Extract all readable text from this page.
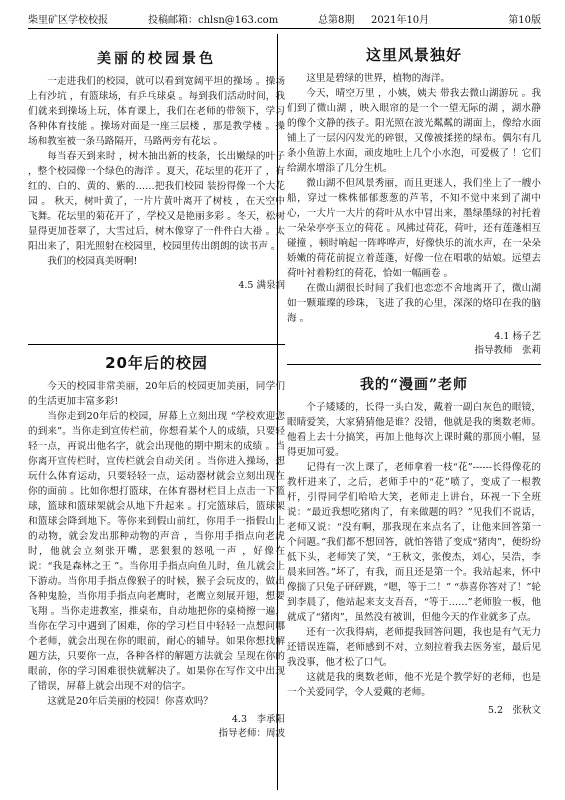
柴里矿区学校校报	投稿邮箱：chlsn@163.com	总第8期 2021年10月	第10版
美丽的校园景色

一走进我们的校园，就可以看到宽阔平坦的操场 。操场上有沙坑 ，有篮球场，有乒乓球桌 。每到我们活动时间，我们就来到操场上玩，体育课上，我们在老师的带领下，学习各种体育技能 。操场对面是一座三层楼 ，那是教学楼 。操场和教室被一条马路隔开，马路两旁有花坛 。

每当春天到来时 ，树木抽出新的枝条，长出嫩绿的叶子 ，整个校园像一个绿色的海洋 。夏天，花坛里的花开了 ，有红的、白的、黄的、紫的……把我们校园 装扮得像一个大花园 。 秋天，树叶黄了，一片片黄叶离开了树枝 ，在天空中飞舞。花坛里的菊花开了 ，学校又是艳丽多彩 。冬天，松树显得更加苍翠了，大雪过后，树木像穿了一件件白大褂 。太阳出来了，阳光照射在校园里，校园里传出朗朗的读书声 。

我们的校园真美呀啊!

4.5 满泉润
20年后的校园

今天的校园非常美丽，20年后的校园更加美丽，同学们的生活更加丰富多彩!

当你走到20年后的校园，屏幕上立刻出现 “学校欢迎您的到来”。当你走到宣传栏前，你想看某个人的成绩，只要轻轻一点，再说出他名字，就会出现他的期中期末的成绩 。当你离开宣传栏时，宣传栏就会自动关闭 。当你进入操场，想玩什么体育运动，只要轻轻一点，运动器材就会立刻出现在你的面前 。比如你想打篮球，在体育器材栏目上点击一下篮球，篮球和篮球架就会从地下升起来 。打完篮球后，篮球架和篮球会降到地下。等你来到假山前红，你用手一指假山上的动物，就会发出那种动物的声音 ，当你用手指点向老虎时，他就会立刻张开嘴，恶狠狠的怒吼一声 ，好像在说：“我是森林之王 ”。当你用手指点向鱼儿时，鱼儿就会上下游动。当你用手指点像猴子的时候，猴子会玩皮的，做出各种鬼脸，当你用手指点向老鹰时，老鹰立刻展开翅，想要飞翔 。当你走进教室，推桌布，自动地把你的桌椅擦一遍，当你在学习中遇到了困难，你的学习栏目中轻轻一点想问哪个老师，就会出现在你的眼前，耐心的辅导。如果你想找解题方法，只要你一点，各种各样的解题方法就会 呈现在你的眼前，你的学习困难很快就解决了。如果你在写作文中出现了错误，屏幕上就会出现不对的信字。

这就是20年后美丽的校园！你喜欢吗？

4.3　李承阳
指导老师：周波
这里风景独好

这里是碧绿的世界，植物的海洋。

今天，晴空万里 ，小姨，姨夫 带我去微山湖游玩 。我们到了微山湖 ，映入眼帘的是一个一望无际的湖 ，湖水静的像个文静的孩子。阳光照在波光粼粼的湖面上，像给水面铺上了一层闪闪发光的碎银，又像被揉搓的绿布。偶尔有几条小鱼游上水面，顽皮地吐上几个小水泡，可爱极了 ！它们给湖水增添了几分生机。

微山湖不但风景秀丽，而且更迷人，我们坐上了一艘小船，穿过一株株郁郁葱葱的芦苇，不知不觉中来到了湖中心，一大片一大片的荷叶从水中冒出来，墨绿墨绿的衬托着一朵朵亭亭玉立的荷花 。风拂过荷花，荷叶，还有莲蓬相互碰撞 ，顿时响起一阵哗哗声，好像快乐的流水声，在一朵朵娇嫩的荷花前捉立着莲蓬，好像一位在唱歌的姑娘。远望去荷叶衬着粉红的荷花，恰如一幅画卷 。

在微山湖很长时间了我们也恋恋不舍地离开了，微山湖如一颗璀璨的珍珠，飞进了我的心里，深深的烙印在我的脑海 。

4.1 杨子艺
指导教师　张莉
我的“漫画”老师

个子矮矮的，长得一头白发，戴着一副白灰色的眼镜，眼睛爱笑，大家猜猜他是谁？没错，他就是我的奥数老师。他看上去十分搞笑，再加上他每次上课时戴的那顶小帽，显得更加可爱。

记得有一次上课了，老师拿着一枝“花”------长得像花的教杆进来了，之后，老师手中的“花”喷了，变成了一根教杆，引得同学们哈哈大笑，老师走上讲台，环视一下全班说：“最近我想吃猪肉了，有来做题的吗？”见我们不说话，老师又说：“没有啊，那我现在来点名了，让他来回答第一个问题。”我们都不想回答，就怕答错了变成“猪肉”，便纷纷低下头，老师笑了笑，“王秋文，张俊杰，刘心，吴浩，李晨来回答。”坏了，有我，而且还是第一个。我站起来，怀中像揣了只兔子砰砰跳，“嗯，等于二！” “恭喜你答对了！”轮到李晨了，他站起来支支吾吾，“等于……”老师脸一板，他就成了“猪肉”，虽然没有被训，但他今天的作业就多了点。

还有一次我得病，老师提我回答问题，我也是有气无力还错误连篇，老师感到不对，立刻拉着我去医务室，最后见我没事，他才松了口气。

这就是我的奥数老师，他不光是个教学好的老师，也是一个关爱同学，令人爱戴的老师。

5.2　张秋文
